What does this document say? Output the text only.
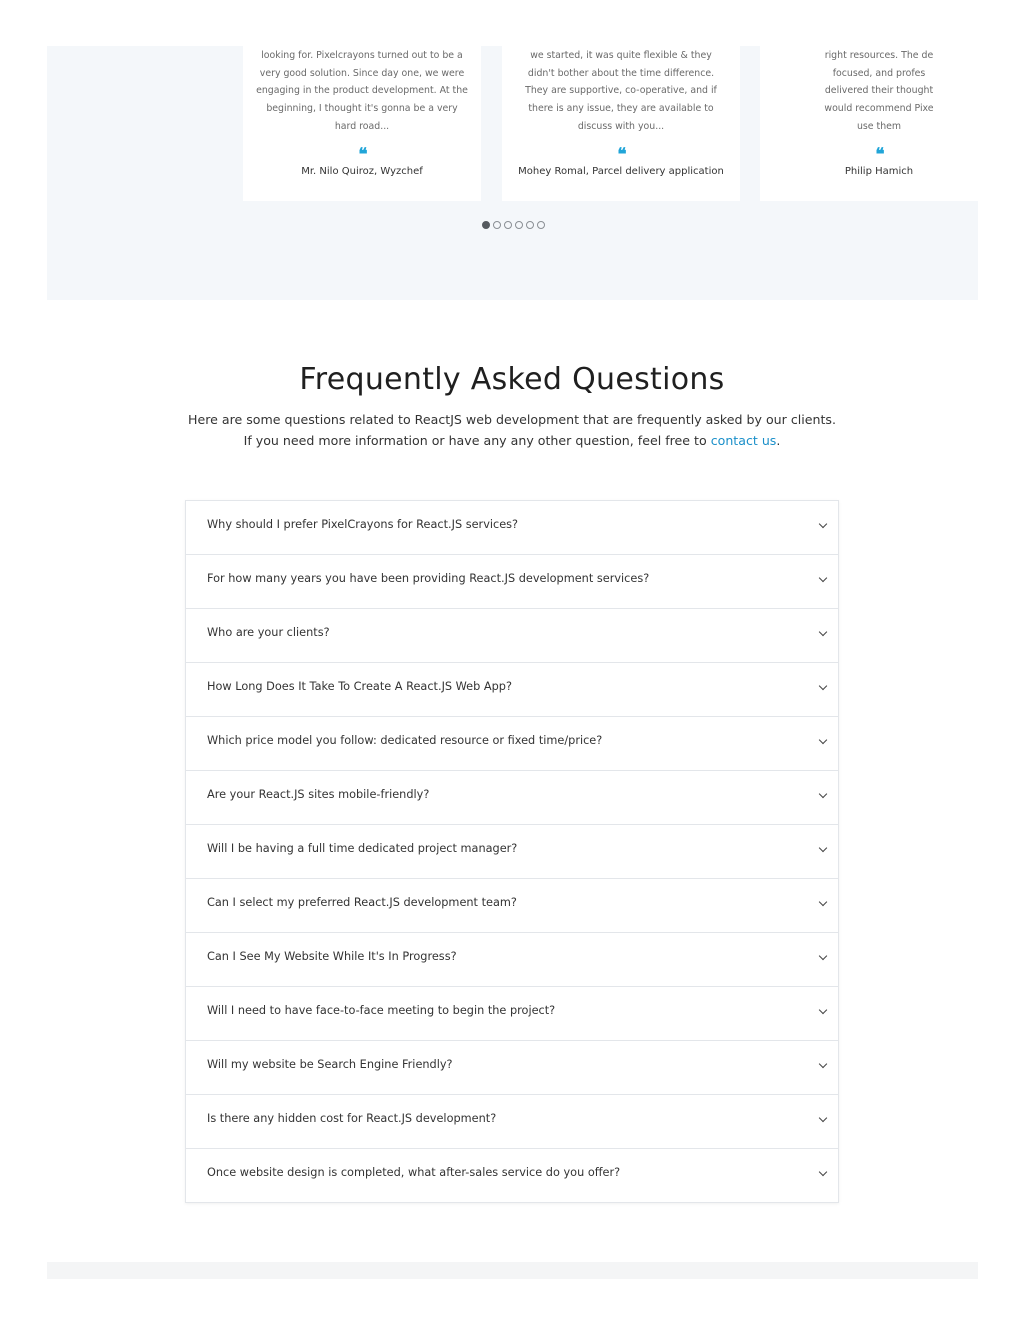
looking for. Pixelcrayons turned out to be a
very good solution. Since day one, we were
engaging in the product development. At the
beginning, I thought it's gonna be a very
hard road...

❝

Mr. Nilo Quiroz, Wyzchef

we started, it was quite flexible & they
didn't bother about the time difference.
They are supportive, co-operative, and if
there is any issue, they are available to
discuss with you...

❝

Mohey Romal, Parcel delivery application

right resources. The de
focused, and profes
delivered their thought
would recommend Pixe
use them

❝

Philip Hamich

Frequently Asked Questions

Here are some questions related to ReactJS web development that are frequently asked by our clients.
If you need more information or have any any other question, feel free to contact us.

Why should I prefer PixelCrayons for React.JS services?

For how many years you have been providing React.JS development services?

Who are your clients?

How Long Does It Take To Create A React.JS Web App?

Which price model you follow: dedicated resource or fixed time/price?

Are your React.JS sites mobile-friendly?

Will I be having a full time dedicated project manager?

Can I select my preferred React.JS development team?

Can I See My Website While It's In Progress?

Will I need to have face-to-face meeting to begin the project?

Will my website be Search Engine Friendly?

Is there any hidden cost for React.JS development?

Once website design is completed, what after-sales service do you offer?
